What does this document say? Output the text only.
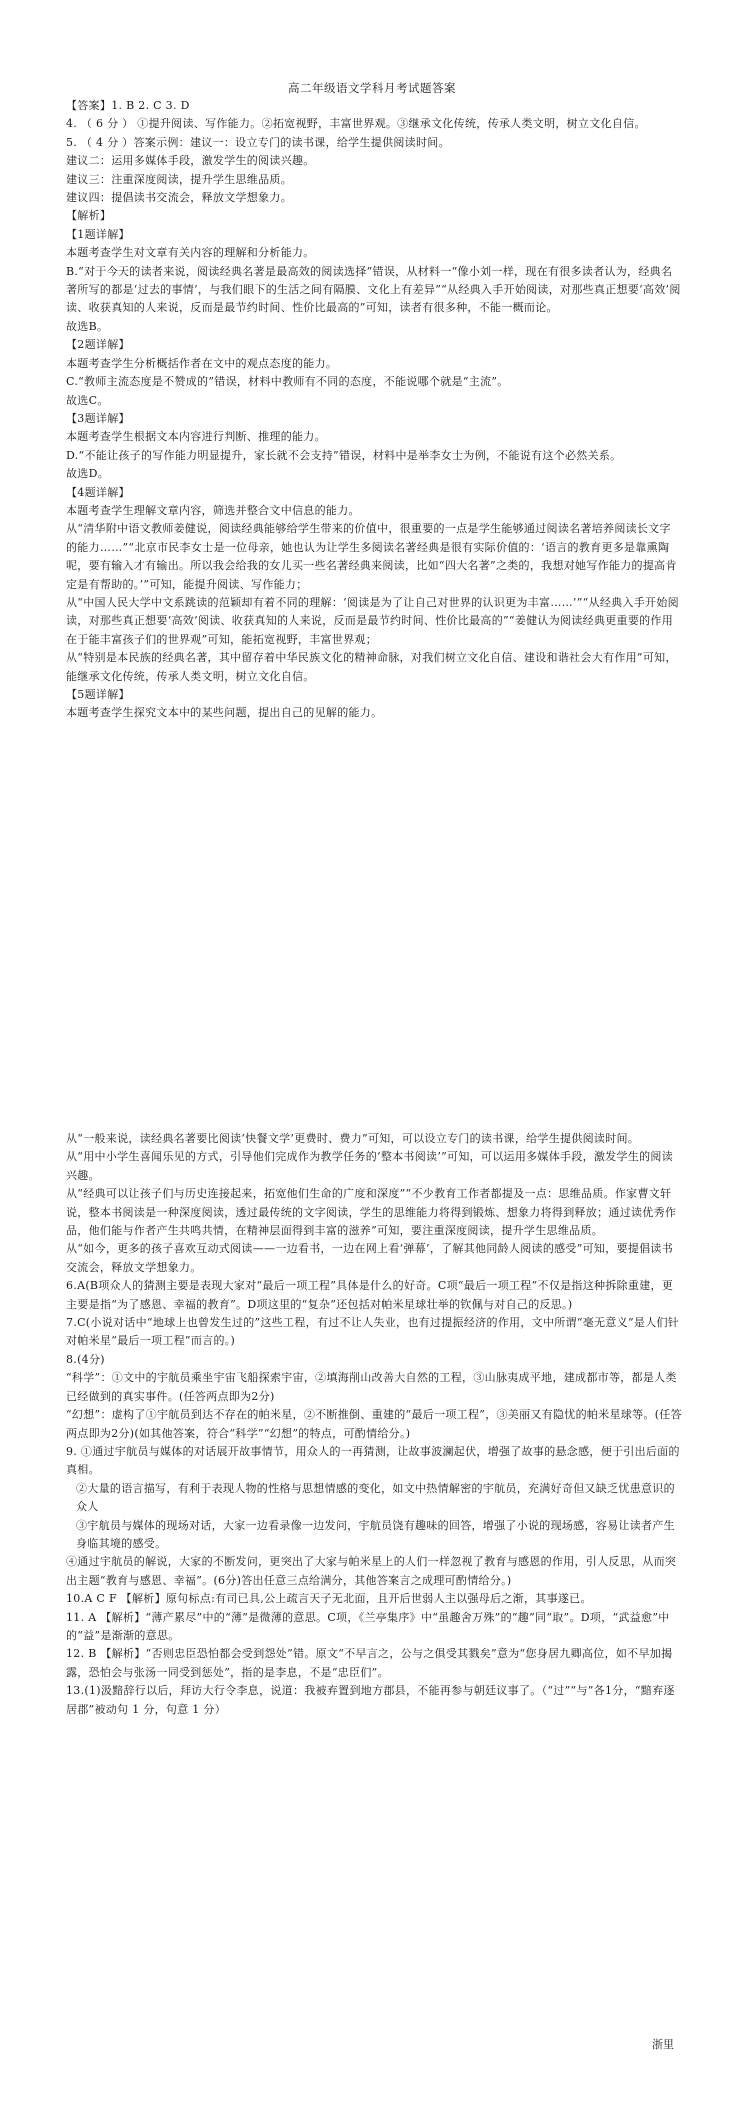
高二年级语文学科月考试题答案
【答案】1. B 2. C 3. D
4. （ 6 分 ） ①提升阅读、写作能力。②拓宽视野，丰富世界观。③继承文化传统，传承人类文明，树立文化自信。
5. （ 4 分 ）答案示例：建议一：设立专门的读书课，给学生提供阅读时间。
建议二：运用多媒体手段，激发学生的阅读兴趣。
建议三：注重深度阅读，提升学生思维品质。
建议四：提倡读书交流会，释放文学想象力。
【解析】
【1题详解】
本题考查学生对文章有关内容的理解和分析能力。
B.“对于今天的读者来说，阅读经典名著是最高效的阅读选择”错误，从材料一“像小刘一样，现在有很多读者认为，经典名著所写的都是‘过去的事情’，与我们眼下的生活之间有隔膜、文化上有差异”“从经典入手开始阅读，对那些真正想要‘高效’阅读、收获真知的人来说，反而是最节约时间、性价比最高的”可知，读者有很多种，不能一概而论。
故选B。
【2题详解】
本题考查学生分析概括作者在文中的观点态度的能力。
C.“教师主流态度是不赞成的”错误，材料中教师有不同的态度，不能说哪个就是“主流”。
故选C。
【3题详解】
本题考查学生根据文本内容进行判断、推理的能力。
D.“不能让孩子的写作能力明显提升，家长就不会支持”错误，材料中是举李女士为例，不能说有这个必然关系。
故选D。
【4题详解】
本题考查学生理解文章内容，筛选并整合文中信息的能力。
从“清华附中语文教师姜健说，阅读经典能够给学生带来的价值中，很重要的一点是学生能够通过阅读名著培养阅读长文字的能力……”“北京市民李女士是一位母亲，她也认为让学生多阅读名著经典是很有实际价值的：‘语言的教育更多是靠熏陶呢，要有输入才有输出。所以我会给我的女儿买一些名著经典来阅读，比如“四大名著”之类的，我想对她写作能力的提高肯定是有帮助的。’”可知，能提升阅读、写作能力；
从“中国人民大学中文系跳读的范颖却有着不同的理解：‘阅读是为了让自己对世界的认识更为丰富……’”“从经典入手开始阅读，对那些真正想要‘高效’阅读、收获真知的人来说，反而是最节约时间、性价比最高的”“姜健认为阅读经典更重要的作用在于能丰富孩子们的世界观”可知，能拓宽视野，丰富世界观；
从“特别是本民族的经典名著，其中留存着中华民族文化的精神命脉，对我们树立文化自信、建设和谐社会大有作用”可知，能继承文化传统，传承人类文明，树立文化自信。
【5题详解】
本题考查学生探究文本中的某些问题，提出自己的见解的能力。
从“一般来说，读经典名著要比阅读‘快餐文学’更费时、费力”可知，可以设立专门的读书课，给学生提供阅读时间。
从“用中小学生喜闻乐见的方式，引导他们完成作为教学任务的‘整本书阅读’”可知，可以运用多媒体手段，激发学生的阅读兴趣。
从“经典可以让孩子们与历史连接起来，拓宽他们生命的广度和深度”“不少教育工作者都提及一点：思维品质。作家曹文轩说，整本书阅读是一种深度阅读，透过最传统的文字阅读，学生的思维能力将得到锻炼、想象力将得到释放；通过读优秀作品，他们能与作者产生共鸣共情，在精神层面得到丰富的滋养”可知，要注重深度阅读，提升学生思维品质。
从“如今，更多的孩子喜欢互动式阅读——一边看书，一边在网上看‘弹幕’，了解其他同龄人阅读的感受”可知，要提倡读书交流会，释放文学想象力。
6.A(B项众人的猜测主要是表现大家对“最后一项工程”具体是什么的好奇。C项“最后一项工程”不仅是指这种拆除重建，更主要是指“为了感恩、幸福的教育”。D项这里的“复杂”还包括对帕米星球壮举的钦佩与对自己的反思。)
7.C(小说对话中“地球上也曾发生过的”这些工程，有过不让人失业，也有过提振经济的作用，文中所谓“毫无意义”是人们针对帕米星“最后一项工程”而言的。)
8.(4分)
“科学”：①文中的宇航员乘坐宇宙飞船探索宇宙，②填海削山改善大自然的工程，③山脉夷成平地，建成都市等，都是人类已经做到的真实事件。(任答两点即为2分)
“幻想”：虚构了①宇航员到达不存在的帕米星，②不断推倒、重建的“最后一项工程”，③美丽又有隐忧的帕米星球等。(任答两点即为2分)(如其他答案，符合“科学”“幻想”的特点，可酌情给分。)
9. ①通过宇航员与媒体的对话展开故事情节，用众人的一再猜测，让故事波澜起伏，增强了故事的悬念感，便于引出后面的真相。
②大量的语言描写，有利于表现人物的性格与思想情感的变化，如文中热情解密的宇航员，充满好奇但又缺乏忧患意识的众人
③宇航员与媒体的现场对话，大家一边看录像一边发问，宇航员饶有趣味的回答，增强了小说的现场感，容易让读者产生身临其境的感受。
④通过宇航员的解说，大家的不断发问，更突出了大家与帕米星上的人们一样忽视了教育与感恩的作用，引人反思，从而突出主题“教育与感恩、幸福”。(6分)答出任意三点给满分，其他答案言之成理可酌情给分。)
10.A C F 【解析】原句标点:有司已具,公上疏言天子无北面，且开后世弱人主以强母后之渐，其事遂已。
11. A 【解析】“薄产累尽”中的“薄”是微薄的意思。C项，《兰亭集序》中“虽趣舍万殊”的“趣”同“取”。D项，“武益愈”中的“益”是渐渐的意思。
12. B 【解析】“否则忠臣恐怕都会受到怨处”错。原文“不早言之，公与之俱受其戮矣”意为“您身居九卿高位，如不早加揭露，恐怕会与张汤一同受到惩处”，指的是李息，不是“忠臣们”。
13.(1)汲黯辞行以后，拜访大行令李息，说道：我被弃置到地方郡县，不能再参与朝廷议事了。（“过”“与”各1分，“黯弃逐居郡”被动句 1 分，句意 1 分）
浙里
